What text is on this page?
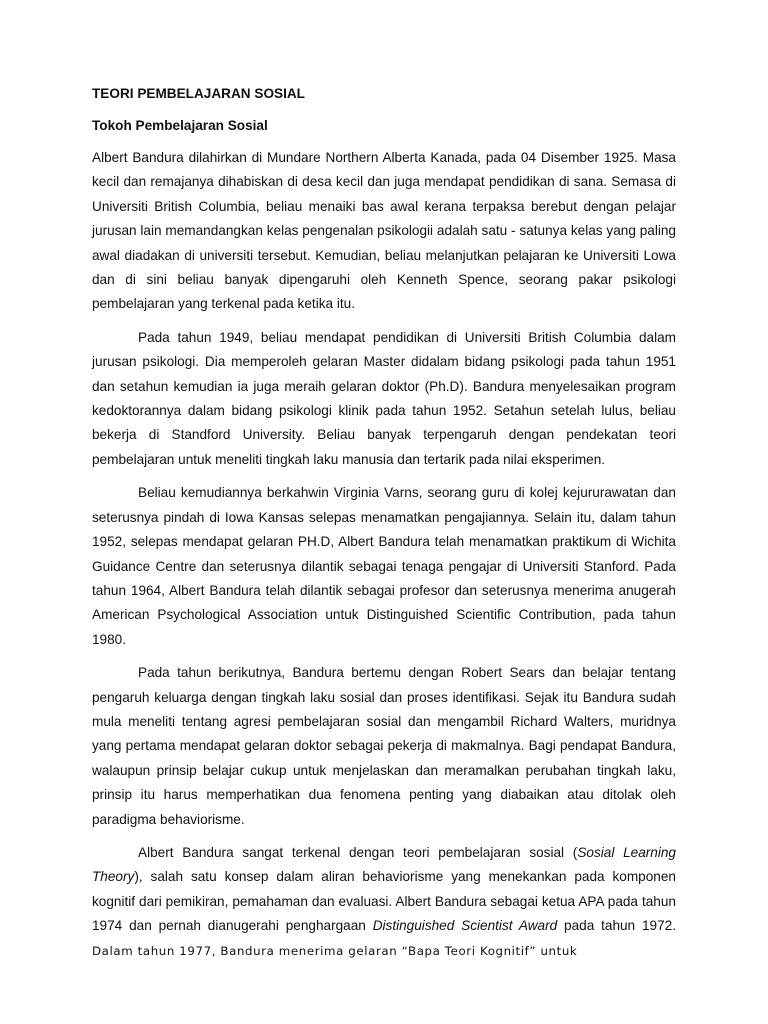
TEORI PEMBELAJARAN SOSIAL
Tokoh Pembelajaran Sosial

Albert Bandura dilahirkan di Mundare Northern Alberta Kanada, pada 04 Disember 1925. Masa kecil dan remajanya dihabiskan di desa kecil dan juga mendapat pendidikan di sana. Semasa di Universiti British Columbia, beliau menaiki bas awal kerana terpaksa berebut dengan pelajar jurusan lain memandangkan kelas pengenalan psikologii adalah satu - satunya kelas yang paling awal diadakan di universiti tersebut. Kemudian, beliau melanjutkan pelajaran ke Universiti Lowa dan di sini beliau banyak dipengaruhi oleh Kenneth Spence, seorang pakar psikologi pembelajaran yang terkenal pada ketika itu.

Pada tahun 1949, beliau mendapat pendidikan di Universiti British Columbia dalam jurusan psikologi. Dia memperoleh gelaran Master didalam bidang psikologi pada tahun 1951 dan setahun kemudian ia juga meraih gelaran doktor (Ph.D). Bandura menyelesaikan program kedoktorannya dalam bidang psikologi klinik pada tahun 1952. Setahun setelah lulus, beliau bekerja di Standford University. Beliau banyak terpengaruh dengan pendekatan teori pembelajaran untuk meneliti tingkah laku manusia dan tertarik pada nilai eksperimen.

Beliau kemudiannya berkahwin Virginia Varns, seorang guru di kolej kejururawatan dan seterusnya pindah di Iowa Kansas selepas menamatkan pengajiannya. Selain itu, dalam tahun 1952, selepas mendapat gelaran PH.D, Albert Bandura telah menamatkan praktikum di Wichita Guidance Centre dan seterusnya dilantik sebagai tenaga pengajar di Universiti Stanford. Pada tahun 1964, Albert Bandura telah dilantik sebagai profesor dan seterusnya menerima anugerah American Psychological Association untuk Distinguished Scientific Contribution, pada tahun 1980.

Pada tahun berikutnya, Bandura bertemu dengan Robert Sears dan belajar tentang pengaruh keluarga dengan tingkah laku sosial dan proses identifikasi. Sejak itu Bandura sudah mula meneliti tentang agresi pembelajaran sosial dan mengambil Richard Walters, muridnya yang pertama mendapat gelaran doktor sebagai pekerja di makmalnya. Bagi pendapat Bandura, walaupun prinsip belajar cukup untuk menjelaskan dan meramalkan perubahan tingkah laku, prinsip itu harus memperhatikan dua fenomena penting yang diabaikan atau ditolak oleh paradigma behaviorisme.

Albert Bandura sangat terkenal dengan teori pembelajaran sosial (Sosial Learning Theory), salah satu konsep dalam aliran behaviorisme yang menekankan pada komponen kognitif dari pemikiran, pemahaman dan evaluasi. Albert Bandura sebagai ketua APA pada tahun 1974 dan pernah dianugerahi penghargaan Distinguished Scientist Award pada tahun 1972. Dalam tahun 1977, Bandura menerima gelaran “Bapa Teori Kognitif” untuk
